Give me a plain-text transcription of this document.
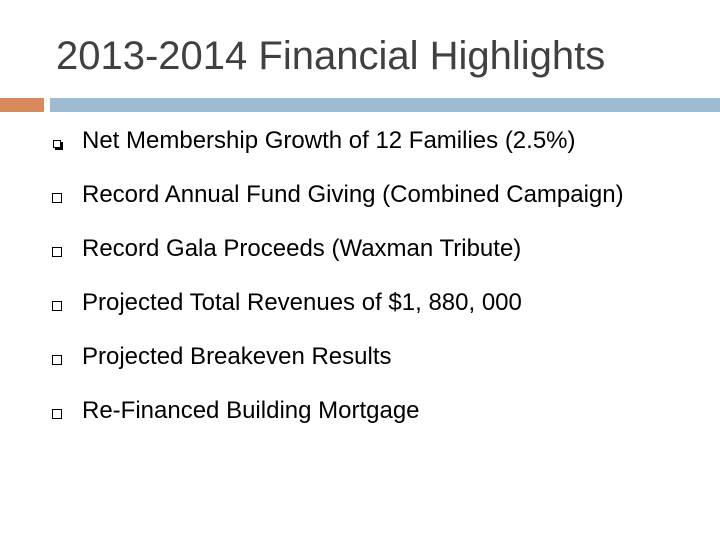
2013-2014 Financial Highlights
Net Membership Growth of 12 Families (2.5%)
Record Annual Fund Giving (Combined Campaign)
Record Gala Proceeds (Waxman Tribute)
Projected Total Revenues of $1, 880, 000
Projected Breakeven Results
Re-Financed Building Mortgage
